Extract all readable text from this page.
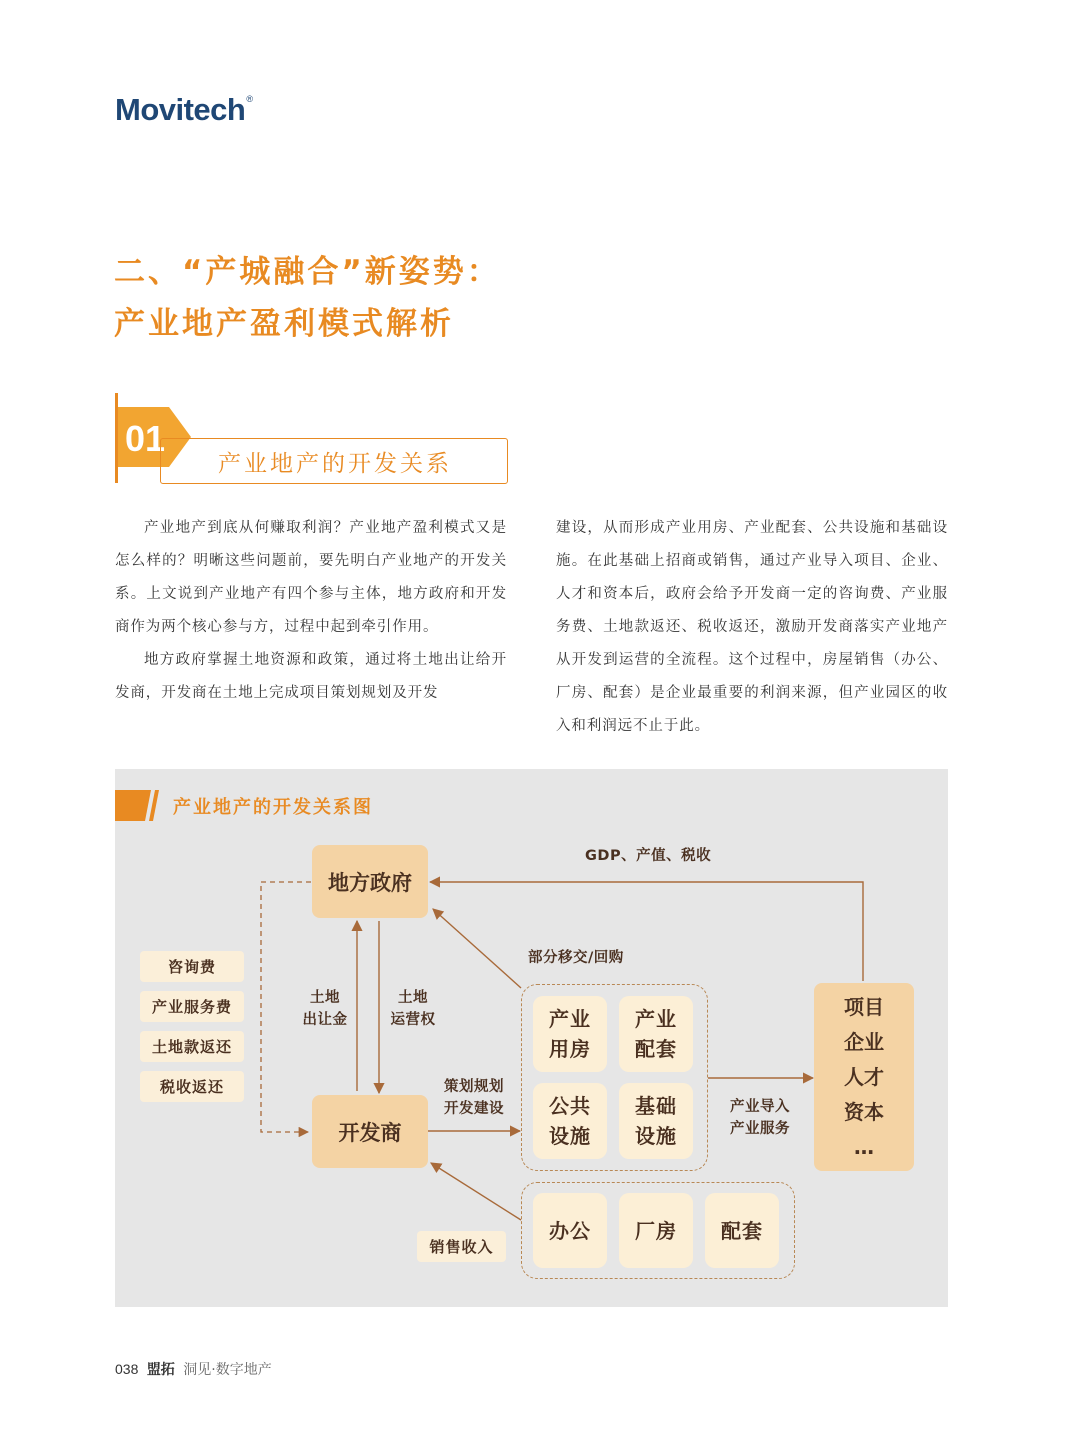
Movitech®
二、“产城融合”新姿势：
产业地产盈利模式解析
01
产业地产的开发关系

产业地产到底从何赚取利润？产业地产盈利模式又是怎么样的？明晰这些问题前，要先明白产业地产的开发关系。上文说到产业地产有四个参与主体，地方政府和开发商作为两个核心参与方，过程中起到牵引作用。

地方政府掌握土地资源和政策，通过将土地出让给开发商，开发商在土地上完成项目策划规划及开发

建设，从而形成产业用房、产业配套、公共设施和基础设施。在此基础上招商或销售，通过产业导入项目、企业、人才和资本后，政府会给予开发商一定的咨询费、产业服务费、土地款返还、税收返还，激励开发商落实产业地产从开发到运营的全流程。这个过程中，房屋销售（办公、厂房、配套）是企业最重要的利润来源，但产业园区的收入和利润远不止于此。

产业地产的开发关系图
地方政府
开发商
咨询费
产业服务费
土地款返还
税收返还
土地
出让金
土地
运营权
策划规划
开发建设
部分移交/回购
GDP、产值、税收
产业导入
产业服务
产业
用房
产业
配套
公共
设施
基础
设施
项目
企业
人才
资本
…
办公	厂房	配套
销售收入
038 盟拓 洞见·数字地产
